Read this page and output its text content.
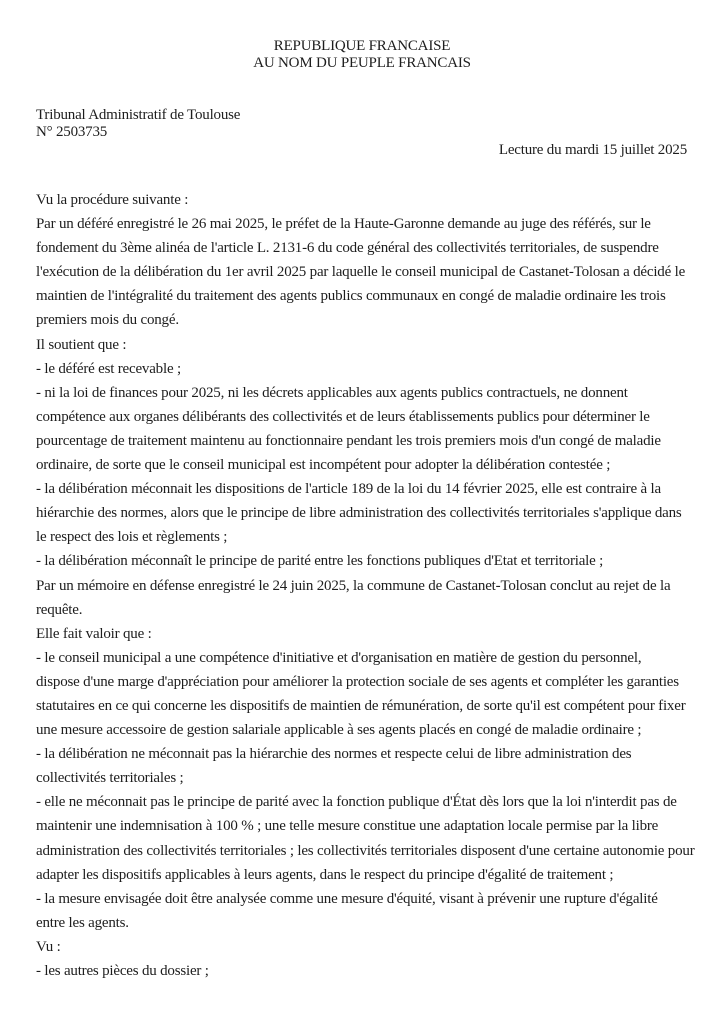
REPUBLIQUE FRANCAISE
AU NOM DU PEUPLE FRANCAIS
Tribunal Administratif de Toulouse
N° 2503735
Lecture du mardi 15 juillet 2025
Vu la procédure suivante :
Par un déféré enregistré le 26 mai 2025, le préfet de la Haute-Garonne demande au juge des référés, sur le
fondement du 3ème alinéa de l'article L. 2131-6 du code général des collectivités territoriales, de suspendre
l'exécution de la délibération du 1er avril 2025 par laquelle le conseil municipal de Castanet-Tolosan a décidé le
maintien de l'intégralité du traitement des agents publics communaux en congé de maladie ordinaire les trois
premiers mois du congé.
Il soutient que :
- le déféré est recevable ;
- ni la loi de finances pour 2025, ni les décrets applicables aux agents publics contractuels, ne donnent
compétence aux organes délibérants des collectivités et de leurs établissements publics pour déterminer le
pourcentage de traitement maintenu au fonctionnaire pendant les trois premiers mois d'un congé de maladie
ordinaire, de sorte que le conseil municipal est incompétent pour adopter la délibération contestée ;
- la délibération méconnait les dispositions de l'article 189 de la loi du 14 février 2025, elle est contraire à la
hiérarchie des normes, alors que le principe de libre administration des collectivités territoriales s'applique dans
le respect des lois et règlements ;
- la délibération méconnaît le principe de parité entre les fonctions publiques d'Etat et territoriale ;
Par un mémoire en défense enregistré le 24 juin 2025, la commune de Castanet-Tolosan conclut au rejet de la
requête.
Elle fait valoir que :
- le conseil municipal a une compétence d'initiative et d'organisation en matière de gestion du personnel,
dispose d'une marge d'appréciation pour améliorer la protection sociale de ses agents et compléter les garanties
statutaires en ce qui concerne les dispositifs de maintien de rémunération, de sorte qu'il est compétent pour fixer
une mesure accessoire de gestion salariale applicable à ses agents placés en congé de maladie ordinaire ;
- la délibération ne méconnait pas la hiérarchie des normes et respecte celui de libre administration des
collectivités territoriales ;
- elle ne méconnait pas le principe de parité avec la fonction publique d'État dès lors que la loi n'interdit pas de
maintenir une indemnisation à 100 % ; une telle mesure constitue une adaptation locale permise par la libre
administration des collectivités territoriales ; les collectivités territoriales disposent d'une certaine autonomie pour
adapter les dispositifs applicables à leurs agents, dans le respect du principe d'égalité de traitement ;
- la mesure envisagée doit être analysée comme une mesure d'équité, visant à prévenir une rupture d'égalité
entre les agents.
Vu :
- les autres pièces du dossier ;
